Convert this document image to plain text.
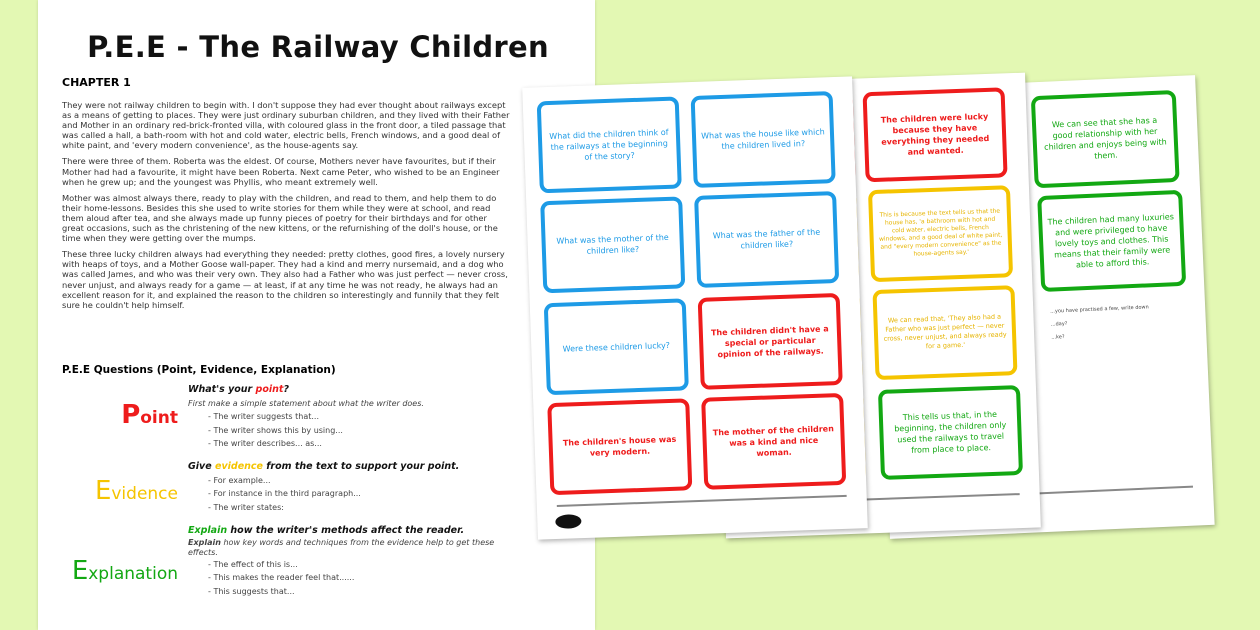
P.E.E - The Railway Children
CHAPTER 1

They were not railway children to begin with. I don't suppose they had ever thought about railways except as a means of getting to places. They were just ordinary suburban children, and they lived with their Father and Mother in an ordinary red-brick-fronted villa, with coloured glass in the front door, a tiled passage that was called a hall, a bath-room with hot and cold water, electric bells, French windows, and a good deal of white paint, and 'every modern convenience', as the house-agents say.

There were three of them. Roberta was the eldest. Of course, Mothers never have favourites, but if their Mother had had a favourite, it might have been Roberta. Next came Peter, who wished to be an Engineer when he grew up; and the youngest was Phyllis, who meant extremely well.

Mother was almost always there, ready to play with the children, and read to them, and help them to do their home-lessons. Besides this she used to write stories for them while they were at school, and read them aloud after tea, and she always made up funny pieces of poetry for their birthdays and for other great occasions, such as the christening of the new kittens, or the refurnishing of the doll's house, or the time when they were getting over the mumps.

These three lucky children always had everything they needed: pretty clothes, good fires, a lovely nursery with heaps of toys, and a Mother Goose wall-paper. They had a kind and merry nursemaid, and a dog who was called James, and who was their very own. They also had a Father who was just perfect — never cross, never unjust, and always ready for a game — at least, if at any time he was not ready, he always had an excellent reason for it, and explained the reason to the children so interestingly and funnily that they felt sure he couldn't help himself.

P.E.E Questions (Point, Evidence, Explanation)
Point
What's your point?
First make a simple statement about what the writer does.
- The writer suggests that...
- The writer shows this by using...
- The writer describes... as...
Evidence
Give evidence from the text to support your point.
- For example...
- For instance in the third paragraph...
- The writer states:
Explanation
Explain how the writer's methods affect the reader.
Explain how key words and techniques from the evidence help to get these effects.
- The effect of this is...
- This makes the reader feel that......
- This suggests that...
We can see that she has a good relationship with her children and enjoys being with them.
The children had many luxuries and were privileged to have lovely toys and clothes. This means that their family were able to afford this.
...you have practised a few, write down
...day?
...ke?
The children were lucky because they have everything they needed and wanted.
This is because the text tells us that the house has, 'a bathroom with hot and cold water, electric bells, French windows, and a good deal of white paint, and "every modern convenience" as the house-agents say.'
We can read that, 'They also had a Father who was just perfect — never cross, never unjust, and always ready for a game.'
This tells us that, in the beginning, the children only used the railways to travel from place to place.
What did the children think of the railways at the beginning of the story?
What was the house like which the children lived in?
What was the mother of the children like?
What was the father of the children like?
Were these children lucky?
The children didn't have a special or particular opinion of the railways.
The children's house was very modern.
The mother of the children was a kind and nice woman.
